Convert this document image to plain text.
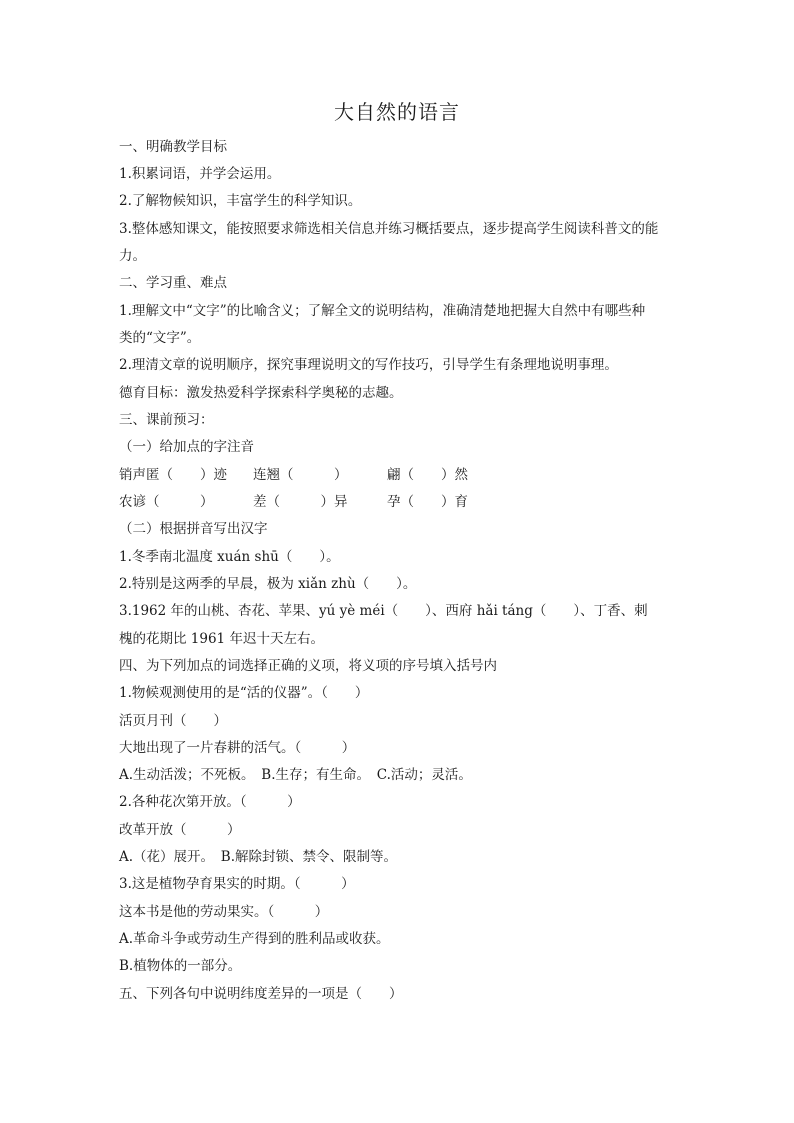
大自然的语言
一、明确教学目标
1.积累词语，并学会运用。
2.了解物候知识，丰富学生的科学知识。
3.整体感知课文，能按照要求筛选相关信息并练习概括要点，逐步提高学生阅读科普文的能
力。
二、学习重、难点
1.理解文中“文字”的比喻含义；了解全文的说明结构，准确清楚地把握大自然中有哪些种
类的“文字”。
2.理清文章的说明顺序，探究事理说明文的写作技巧，引导学生有条理地说明事理。
德育目标：激发热爱科学探索科学奥秘的志趣。
三、课前预习：
（一）给加点的字注音
销声匿（　　）迹 连翘（　　　）	翩（　　）然
农谚（　　　）	差（　　　）异	孕（　　）育
（二）根据拼音写出汉字
1.冬季南北温度 xuán shū（　　）。
2.特别是这两季的早晨，极为 xiǎn zhù（　　）。
3.1962 年的山桃、杏花、苹果、yú yè méi（　　）、西府 hǎi táng（　　）、丁香、刺
槐的花期比 1961 年迟十天左右。
四、为下列加点的词选择正确的义项，将义项的序号填入括号内
1.物候观测使用的是“活的仪器”。（　　）
活页月刊（　　）
大地出现了一片春耕的活气。（　　　）
A.生动活泼；不死板。　B.生存；有生命。　C.活动；灵活。
2.各种花次第开放。（　　　）
改革开放（　　　）
A.（花）展开。　B.解除封锁、禁令、限制等。
3.这是植物孕育果实的时期。（　　　）
这本书是他的劳动果实。（　　　）
A.革命斗争或劳动生产得到的胜利品或收获。
B.植物体的一部分。
五、下列各句中说明纬度差异的一项是（　　）
